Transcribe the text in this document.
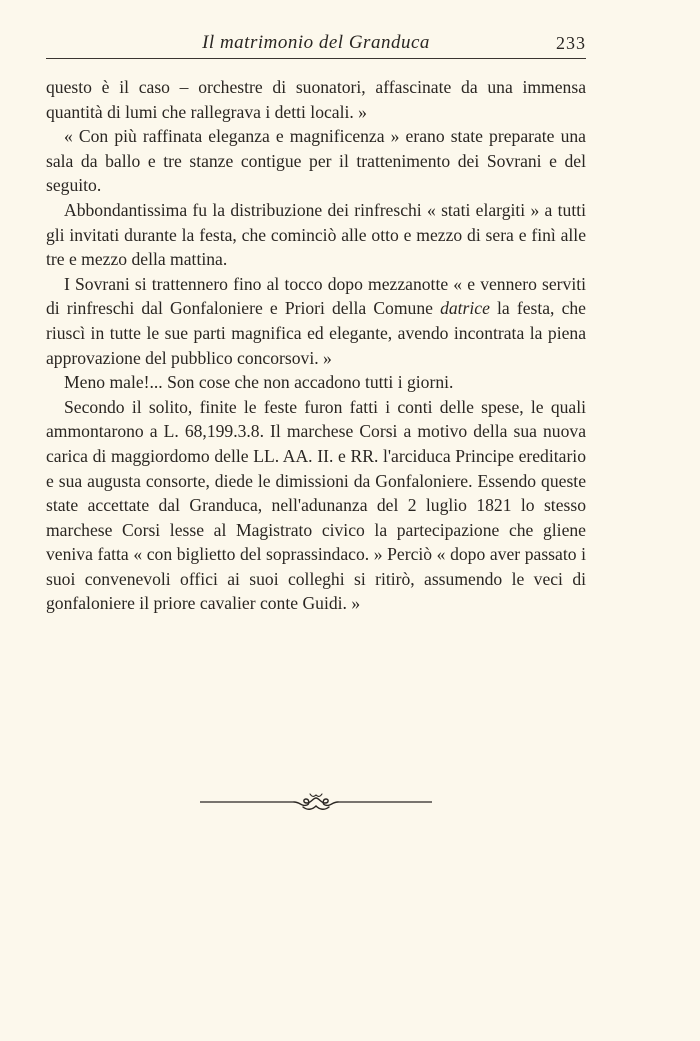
Il matrimonio del Granduca	233

questo è il caso – orchestre di suonatori, affascinate da una immensa quantità di lumi che rallegrava i detti locali. »

« Con più raffinata eleganza e magnificenza » erano state preparate una sala da ballo e tre stanze contigue per il trattenimento dei Sovrani e del seguito.

Abbondantissima fu la distribuzione dei rinfreschi « stati elargiti » a tutti gli invitati durante la festa, che cominciò alle otto e mezzo di sera e finì alle tre e mezzo della mattina.

I Sovrani si trattennero fino al tocco dopo mezzanotte « e vennero serviti di rinfreschi dal Gonfaloniere e Priori della Comune datrice la festa, che riuscì in tutte le sue parti magnifica ed elegante, avendo incontrata la piena approvazione del pubblico concorsovi. »

Meno male!... Son cose che non accadono tutti i giorni.

Secondo il solito, finite le feste furon fatti i conti delle spese, le quali ammontarono a L. 68,199.3.8. Il marchese Corsi a motivo della sua nuova carica di maggiordomo delle LL. AA. II. e RR. l'arciduca Principe ereditario e sua augusta consorte, diede le dimissioni da Gonfaloniere. Essendo queste state accettate dal Granduca, nell'adunanza del 2 luglio 1821 lo stesso marchese Corsi lesse al Magistrato civico la partecipazione che gliene veniva fatta « con biglietto del soprassindaco. » Perciò « dopo aver passato i suoi convenevoli offici ai suoi colleghi si ritirò, assumendo le veci di gonfaloniere il priore cavalier conte Guidi. »
